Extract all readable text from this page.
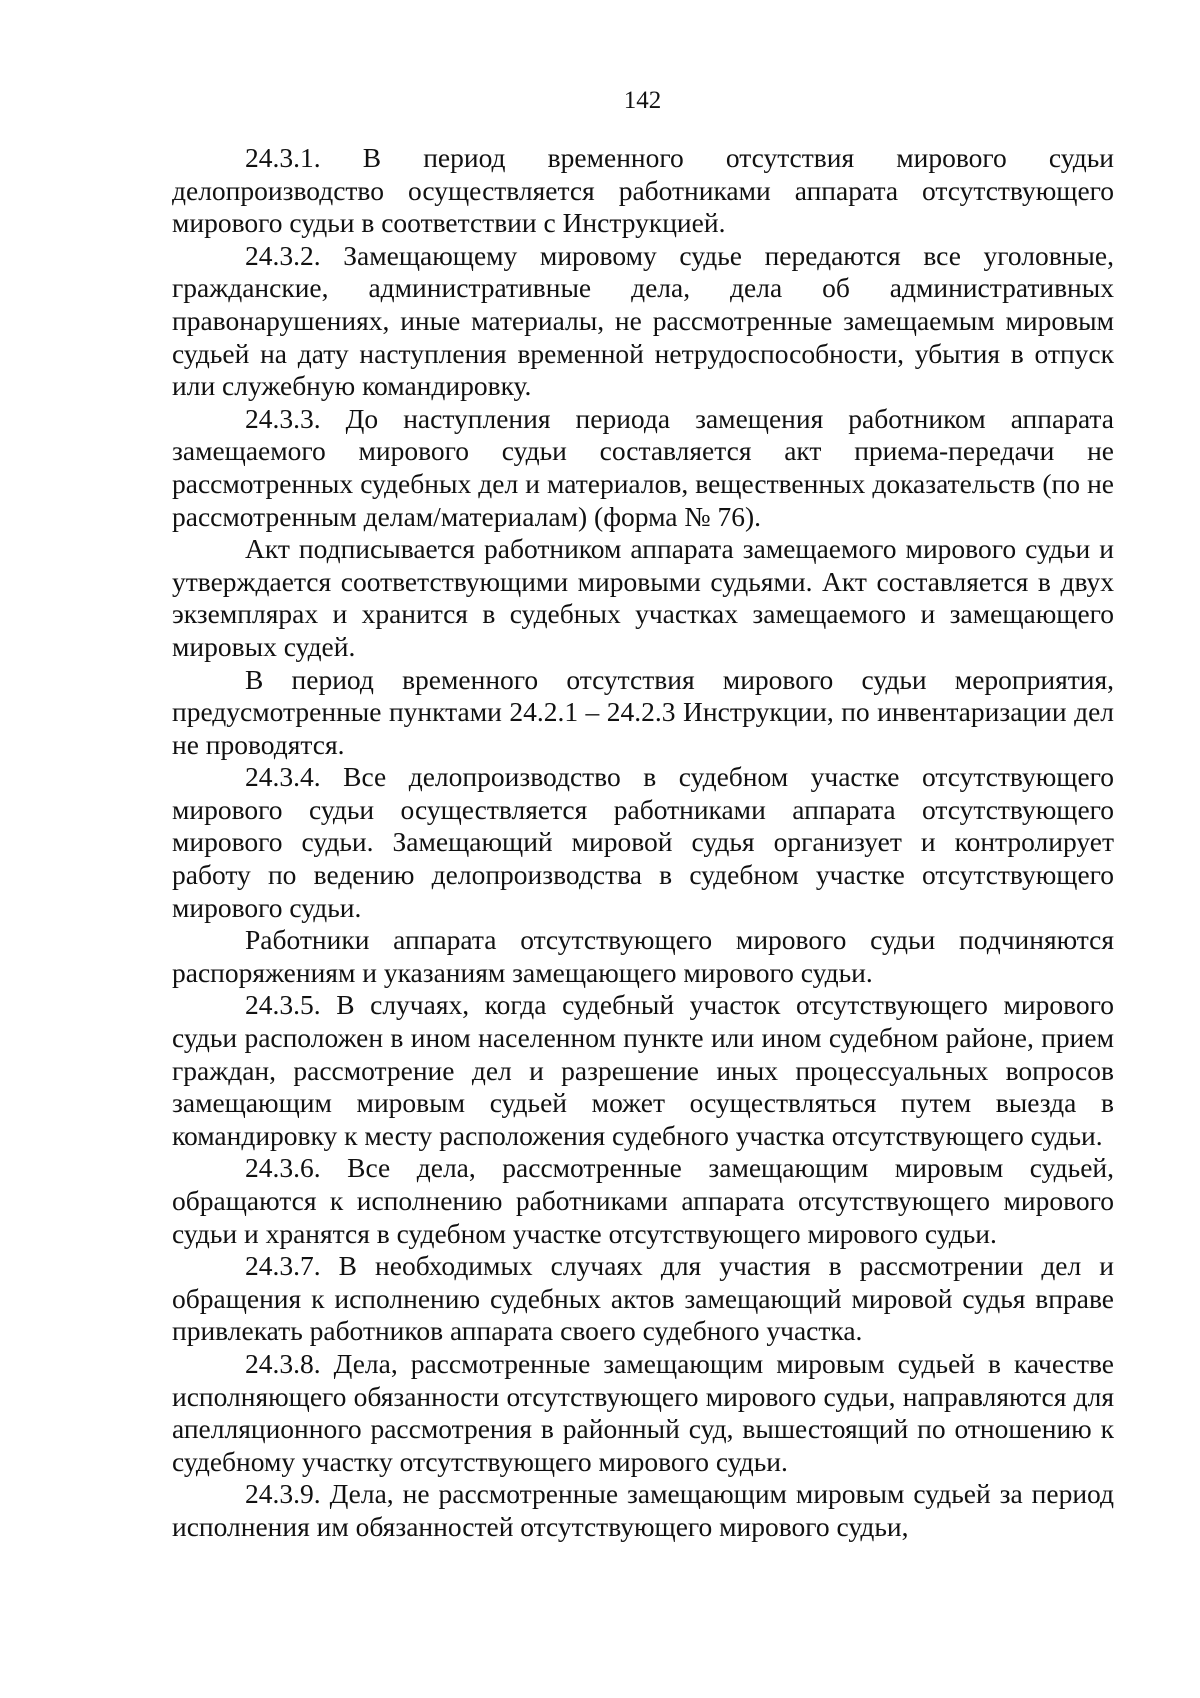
142

24.3.1. В период временного отсутствия мирового судьи делопроизводство осуществляется работниками аппарата отсутствующего мирового судьи в соответствии с Инструкцией.

24.3.2. Замещающему мировому судье передаются все уголовные, гражданские, административные дела, дела об административных правонарушениях, иные материалы, не рассмотренные замещаемым мировым судьей на дату наступления временной нетрудоспособности, убытия в отпуск или служебную командировку.

24.3.3. До наступления периода замещения работником аппарата замещаемого мирового судьи составляется акт приема-передачи не рассмотренных судебных дел и материалов, вещественных доказательств (по не рассмотренным делам/материалам) (форма № 76).

Акт подписывается работником аппарата замещаемого мирового судьи и утверждается соответствующими мировыми судьями. Акт составляется в двух экземплярах и хранится в судебных участках замещаемого и замещающего мировых судей.

В период временного отсутствия мирового судьи мероприятия, предусмотренные пунктами 24.2.1 – 24.2.3 Инструкции, по инвентаризации дел не проводятся.

24.3.4. Все делопроизводство в судебном участке отсутствующего мирового судьи осуществляется работниками аппарата отсутствующего мирового судьи. Замещающий мировой судья организует и контролирует работу по ведению делопроизводства в судебном участке отсутствующего мирового судьи.

Работники аппарата отсутствующего мирового судьи подчиняются распоряжениям и указаниям замещающего мирового судьи.

24.3.5. В случаях, когда судебный участок отсутствующего мирового судьи расположен в ином населенном пункте или ином судебном районе, прием граждан, рассмотрение дел и разрешение иных процессуальных вопросов замещающим мировым судьей может осуществляться путем выезда в командировку к месту расположения судебного участка отсутствующего судьи.

24.3.6. Все дела, рассмотренные замещающим мировым судьей, обращаются к исполнению работниками аппарата отсутствующего мирового судьи и хранятся в судебном участке отсутствующего мирового судьи.

24.3.7. В необходимых случаях для участия в рассмотрении дел и обращения к исполнению судебных актов замещающий мировой судья вправе привлекать работников аппарата своего судебного участка.

24.3.8. Дела, рассмотренные замещающим мировым судьей в качестве исполняющего обязанности отсутствующего мирового судьи, направляются для апелляционного рассмотрения в районный суд, вышестоящий по отношению к судебному участку отсутствующего мирового судьи.

24.3.9. Дела, не рассмотренные замещающим мировым судьей за период исполнения им обязанностей отсутствующего мирового судьи,
